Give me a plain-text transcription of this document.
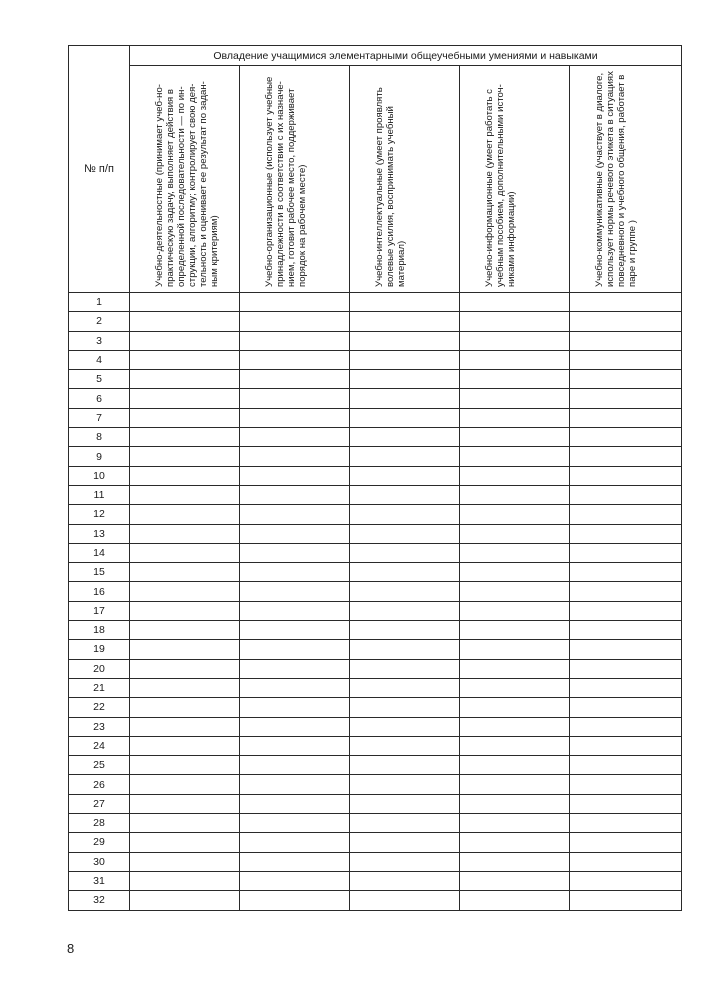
№ п/п	Овладение учащимися элементарными общеучебными умениями и навыками				

	Учебно-деятельностные (принимает учеб-но-практическую задачу, выполняет действия в определенной последовательности — по ин-струкции, алгоритму; контролирует свою дея-тельность и оценивает ее результат по задан-ным критериям)	Учебно-организационные (использует учебные принадлежности в соответствии с их назначе-нием, готовит рабочее место, поддерживает порядок на рабочем месте)	Учебно-интеллектуальные (умеет проявлять волевые усилия, воспринимать учебный материал)	Учебно-информационные (умеет работать с учебным пособием, дополнительными источ-никами информации)	Учебно-коммуникативные (участвует в диалоге, использует нормы речевого этикета в ситуациях повседневного и учебного общения, работает в паре и группе )

1					
2					
3					
4					
5					
6					
7					
8					
9					
10					
11					
12					
13					
14					
15					
16					
17					
18					
19					
20					
21					
22					
23					
24					
25					
26					
27					
28					
29					
30					
31					
32					
8
